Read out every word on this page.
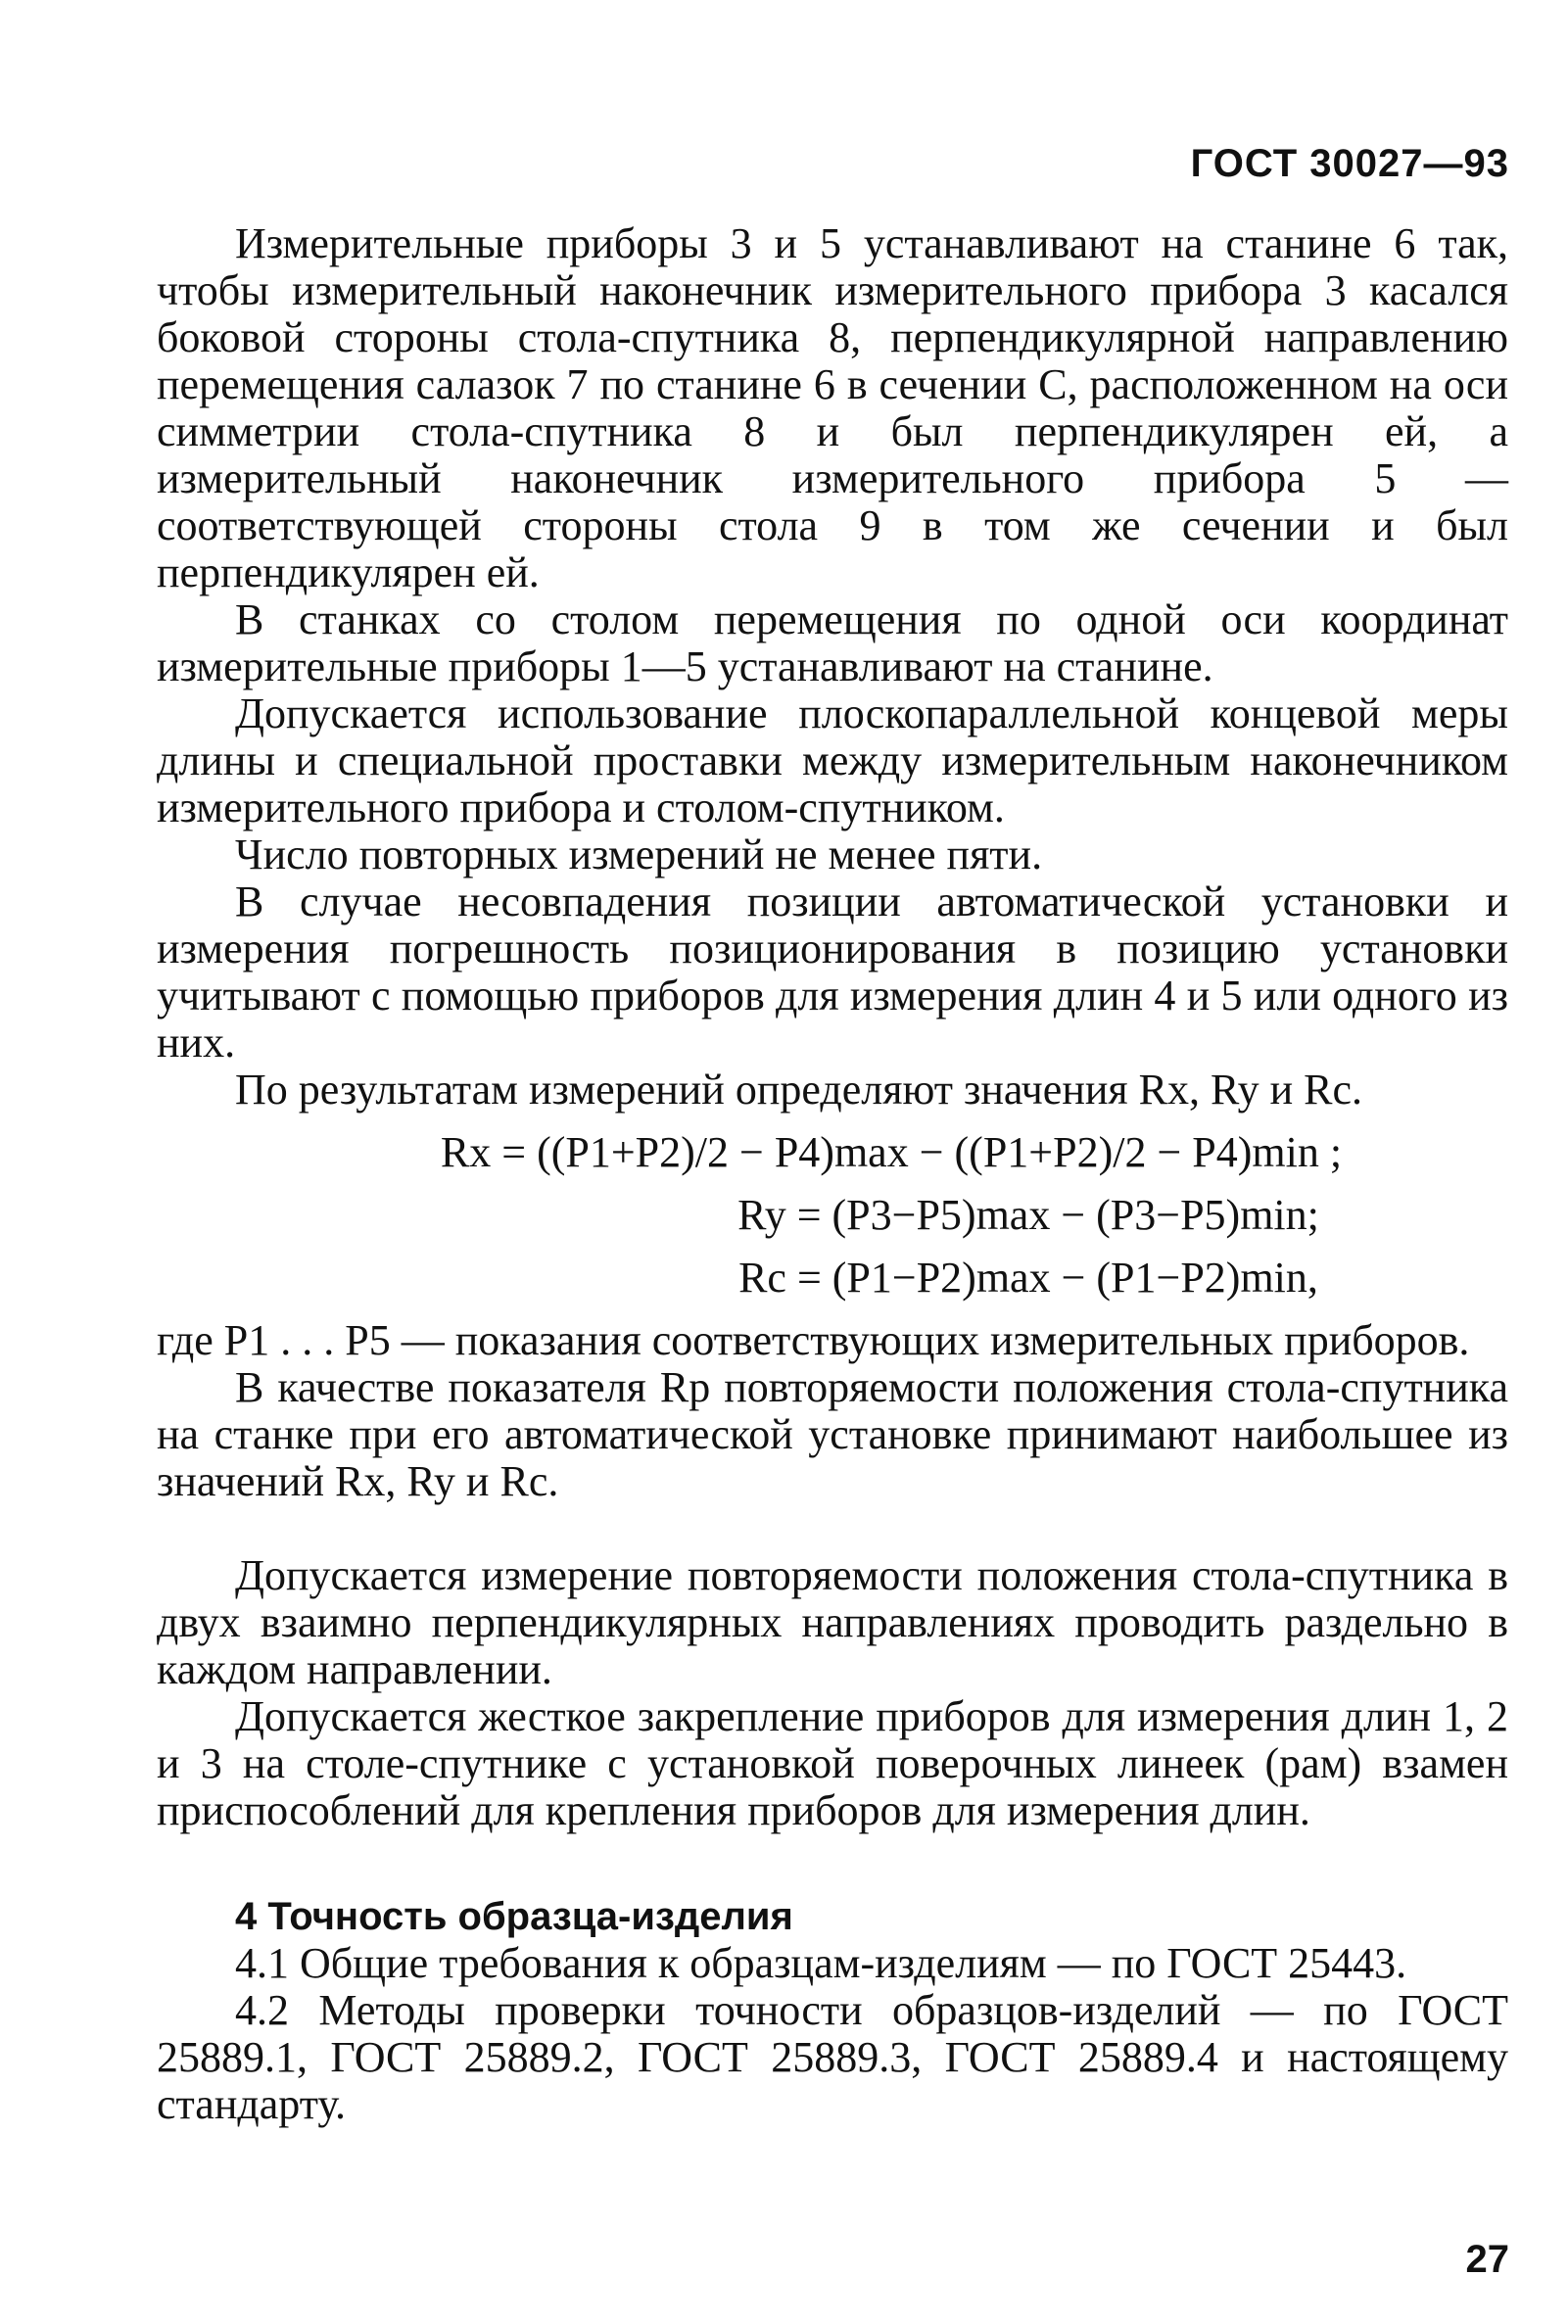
ГОСТ 30027—93

Измерительные приборы 3 и 5 устанавливают на станине 6 так, чтобы измерительный наконечник измерительного прибора 3 касался боковой стороны стола-спутника 8, перпендикулярной направлению перемещения салазок 7 по станине 6 в сечении С, расположенном на оси симметрии стола-спутника 8 и был перпендикулярен ей, а измерительный наконечник измерительного прибора 5 — соответствующей стороны стола 9 в том же сечении и был перпендикулярен ей.

В станках со столом перемещения по одной оси координат измерительные приборы 1—5 устанавливают на станине.

Допускается использование плоскопараллельной концевой меры длины и специальной проставки между измерительным наконечником измерительного прибора и столом-спутником.

Число повторных измерений не менее пяти.

В случае несовпадения позиции автоматической установки и измерения погрешность позиционирования в позицию установки учитывают с помощью приборов для измерения длин 4 и 5 или одного из них.

По результатам измерений определяют значения Rx, Ry и Rc.

Rx = ((P1+P2)/2 − P4)max − ((P1+P2)/2 − P4)min ;
Ry = (P3−P5)max − (P3−P5)min;
Rc = (P1−P2)max − (P1−P2)min,

где P1 . . . P5 — показания соответствующих измерительных приборов.

В качестве показателя Rp повторяемости положения стола-спутника на станке при его автоматической установке принимают наибольшее из значений Rx, Ry и Rc.

Допускается измерение повторяемости положения стола-спутника в двух взаимно перпендикулярных направлениях проводить раздельно в каждом направлении.

Допускается жесткое закрепление приборов для измерения длин 1, 2 и 3 на столе-спутнике с установкой поверочных линеек (рам) взамен приспособлений для крепления приборов для измерения длин.

4 Точность образца-изделия

4.1 Общие требования к образцам-изделиям — по ГОСТ 25443.

4.2 Методы проверки точности образцов-изделий — по ГОСТ 25889.1, ГОСТ 25889.2, ГОСТ 25889.3, ГОСТ 25889.4 и настоящему стандарту.

27
